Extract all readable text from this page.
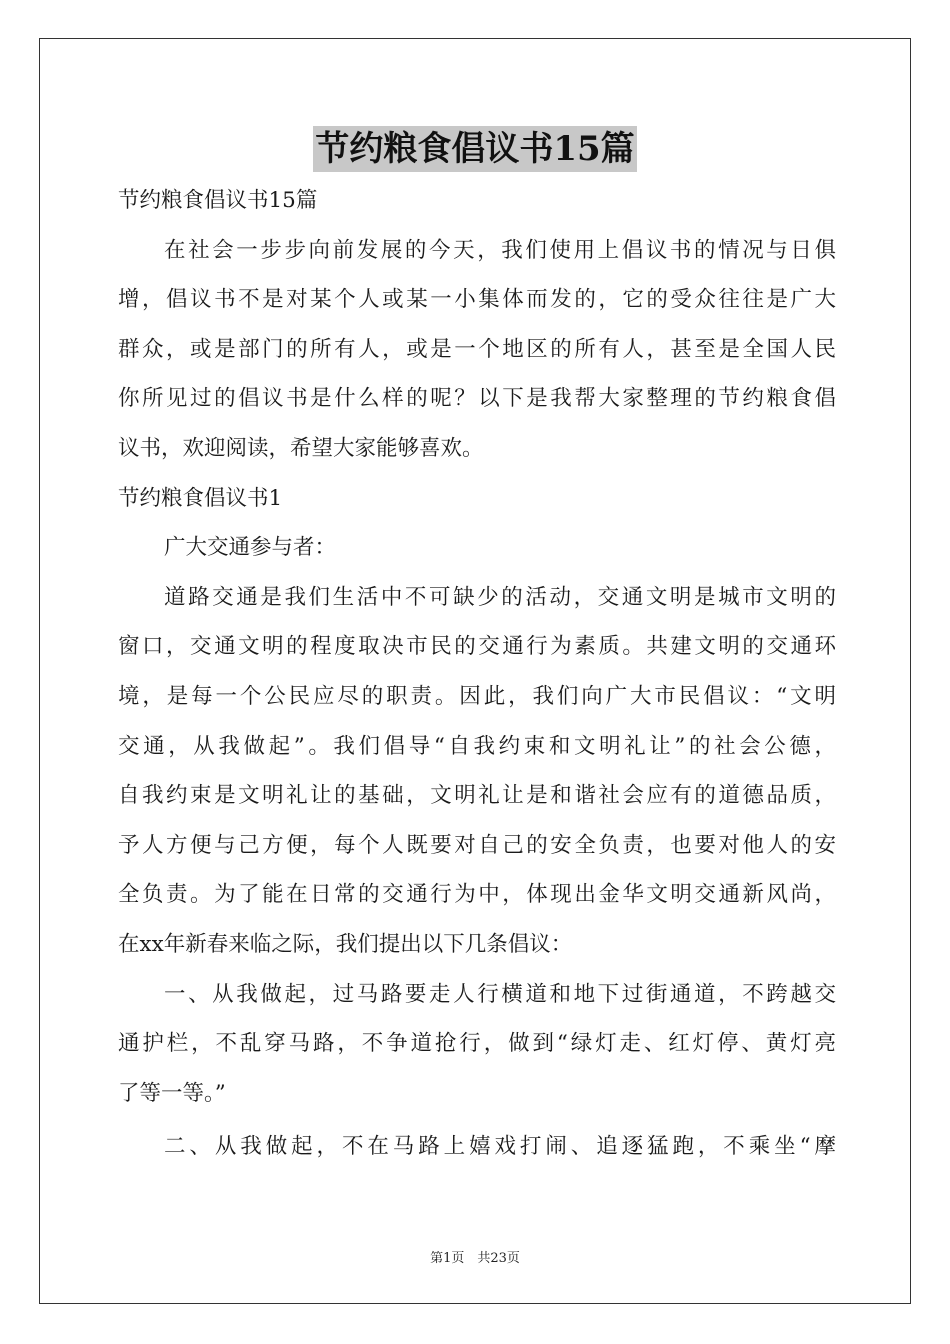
节约粮食倡议书15篇
节约粮食倡议书15篇
在社会一步步向前发展的今天，我们使用上倡议书的情况与日俱
增，倡议书不是对某个人或某一小集体而发的，它的受众往往是广大
群众，或是部门的所有人，或是一个地区的所有人，甚至是全国人民
你所见过的倡议书是什么样的呢？以下是我帮大家整理的节约粮食倡
议书，欢迎阅读，希望大家能够喜欢。
节约粮食倡议书1
广大交通参与者：
道路交通是我们生活中不可缺少的活动，交通文明是城市文明的
窗口，交通文明的程度取决市民的交通行为素质。共建文明的交通环
境，是每一个公民应尽的职责。因此，我们向广大市民倡议：“文明
交通，从我做起”。我们倡导“自我约束和文明礼让”的社会公德，
自我约束是文明礼让的基础，文明礼让是和谐社会应有的道德品质，
予人方便与己方便，每个人既要对自己的安全负责，也要对他人的安
全负责。为了能在日常的交通行为中，体现出金华文明交通新风尚，
在xx年新春来临之际，我们提出以下几条倡议：
一、从我做起，过马路要走人行横道和地下过街通道，不跨越交
通护栏，不乱穿马路，不争道抢行，做到“绿灯走、红灯停、黄灯亮
了等一等。”
二、从我做起，不在马路上嬉戏打闹、追逐猛跑，不乘坐“摩
第1页　共23页
